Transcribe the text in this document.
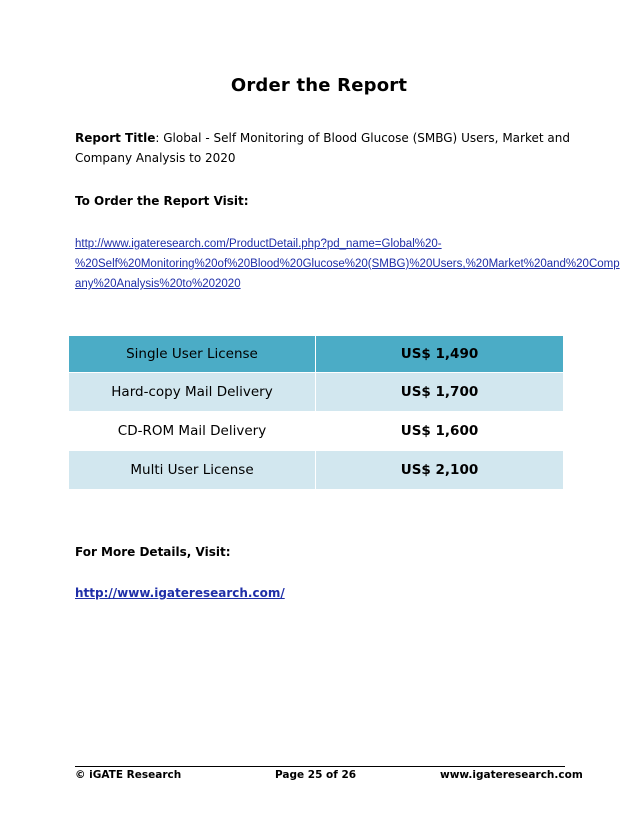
Order the Report
Report Title: Global - Self Monitoring of Blood Glucose (SMBG) Users, Market and Company Analysis to 2020
To Order the Report Visit:
http://www.igateresearch.com/ProductDetail.php?pd_name=Global%20-
%20Self%20Monitoring%20of%20Blood%20Glucose%20(SMBG)%20Users,%20Market%20and%20Comp
any%20Analysis%20to%202020
Single User License	US$ 1,490
Hard-copy Mail Delivery	US$ 1,700
CD-ROM Mail Delivery	US$ 1,600
Multi User License	US$ 2,100
For More Details, Visit:
http://www.igateresearch.com/
© iGATE Research	Page 25 of 26	www.igateresearch.com
